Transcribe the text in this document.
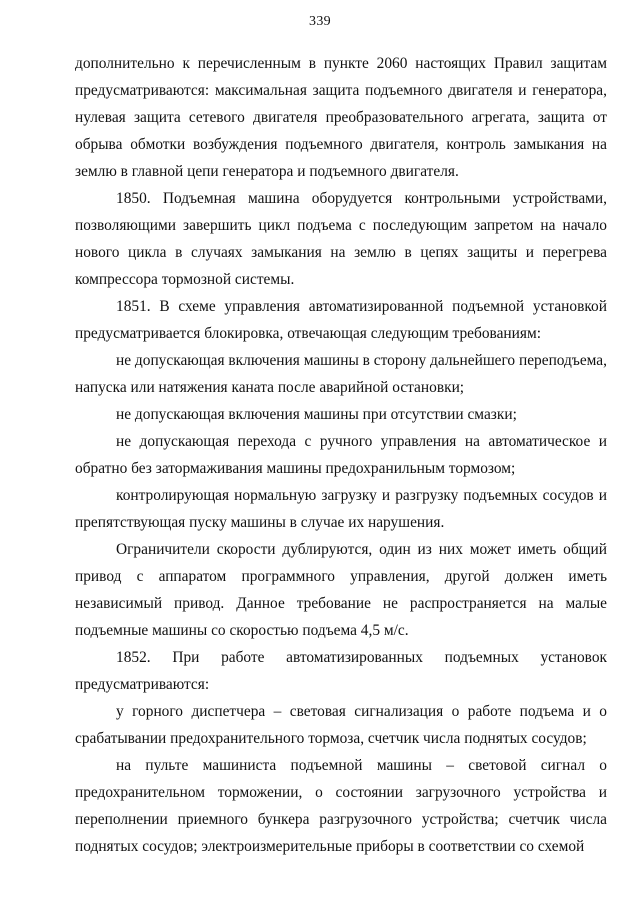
339

дополнительно к перечисленным в пункте 2060 настоящих Правил защитам предусматриваются: максимальная защита подъемного двигателя и генератора, нулевая защита сетевого двигателя преобразовательного агрегата, защита от обрыва обмотки возбуждения подъемного двигателя, контроль замыкания на землю в главной цепи генератора и подъемного двигателя.

1850. Подъемная машина оборудуется контрольными устройствами, позволяющими завершить цикл подъема с последующим запретом на начало нового цикла в случаях замыкания на землю в цепях защиты и перегрева компрессора тормозной системы.

1851. В схеме управления автоматизированной подъемной установкой предусматривается блокировка, отвечающая следующим требованиям:

не допускающая включения машины в сторону дальнейшего переподъема, напуска или натяжения каната после аварийной остановки;

не допускающая включения машины при отсутствии смазки;

не допускающая перехода с ручного управления на автоматическое и обратно без затормаживания машины предохранильным тормозом;

контролирующая нормальную загрузку и разгрузку подъемных сосудов и препятствующая пуску машины в случае их нарушения.

Ограничители скорости дублируются, один из них может иметь общий привод с аппаратом программного управления, другой должен иметь независимый привод. Данное требование не распространяется на малые подъемные машины со скоростью подъема 4,5 м/с.

1852. При работе автоматизированных подъемных установок предусматриваются:

у горного диспетчера – световая сигнализация о работе подъема и о срабатывании предохранительного тормоза, счетчик числа поднятых сосудов;

на пульте машиниста подъемной машины – световой сигнал о предохранительном торможении, о состоянии загрузочного устройства и переполнении приемного бункера разгрузочного устройства; счетчик числа поднятых сосудов; электроизмерительные приборы в соответствии со схемой
